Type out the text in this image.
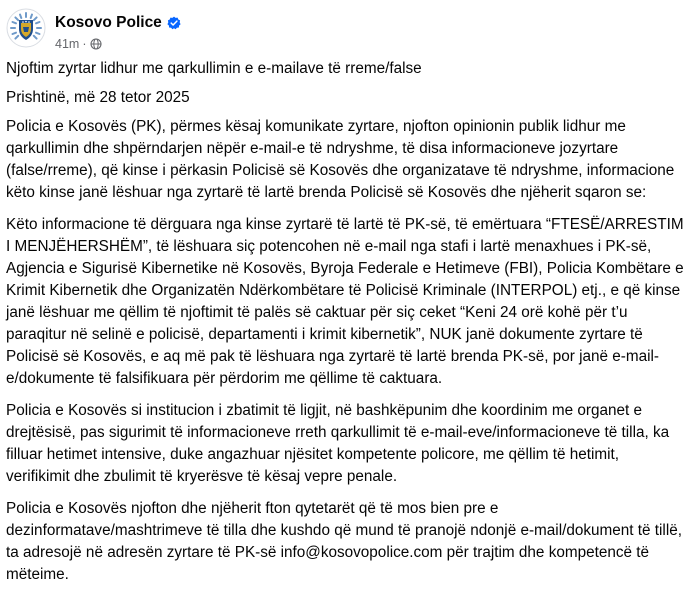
Kosovo Police
41m ·

Njoftim zyrtar lidhur me qarkullimin e e-mailave të rreme/false

Prishtinë, më 28 tetor 2025

Policia e Kosovës (PK), përmes kësaj komunikate zyrtare, njofton opinionin publik lidhur me qarkullimin dhe shpërndarjen nëpër e-mail-e të ndryshme, të disa informacioneve jozyrtare (false/rreme), që kinse i përkasin Policisë së Kosovës dhe organizatave të ndryshme, informacione këto kinse janë lëshuar nga zyrtarë të lartë brenda Policisë së Kosovës dhe njëherit sqaron se:

Këto informacione të dërguara nga kinse zyrtarë të lartë të PK-së, të emërtuara “FTESË/ARRESTIM I MENJËHERSHËM”, të lëshuara siç potencohen në e-mail nga stafi i lartë menaxhues i PK-së, Agjencia e Sigurisë Kibernetike në Kosovës, Byroja Federale e Hetimeve (FBI), Policia Kombëtare e Krimit Kibernetik dhe Organizatën Ndërkombëtare të Policisë Kriminale (INTERPOL) etj., e që kinse janë lëshuar me qëllim të njoftimit të palës së caktuar për siç ceket “Keni 24 orë kohë për t’u paraqitur në selinë e policisë, departamenti i krimit kibernetik”, NUK janë dokumente zyrtare të Policisë së Kosovës, e aq më pak të lëshuara nga zyrtarë të lartë brenda PK-së, por janë e-mail-e/dokumente të falsifikuara për përdorim me qëllime të caktuara.

Policia e Kosovës si institucion i zbatimit të ligjit, në bashkëpunim dhe koordinim me organet e drejtësisë, pas sigurimit të informacioneve rreth qarkullimit të e-mail-eve/informacioneve të tilla, ka filluar hetimet intensive, duke angazhuar njësitet kompetente policore, me qëllim të hetimit, verifikimit dhe zbulimit të kryerësve të kësaj vepre penale.

Policia e Kosovës njofton dhe njëherit fton qytetarët që të mos bien pre e dezinformatave/mashtrimeve të tilla dhe kushdo që mund të pranojë ndonjë e-mail/dokument të tillë, ta adresojë në adresën zyrtare të PK-së info@kosovopolice.com për trajtim dhe kompetencë të mëteime.
